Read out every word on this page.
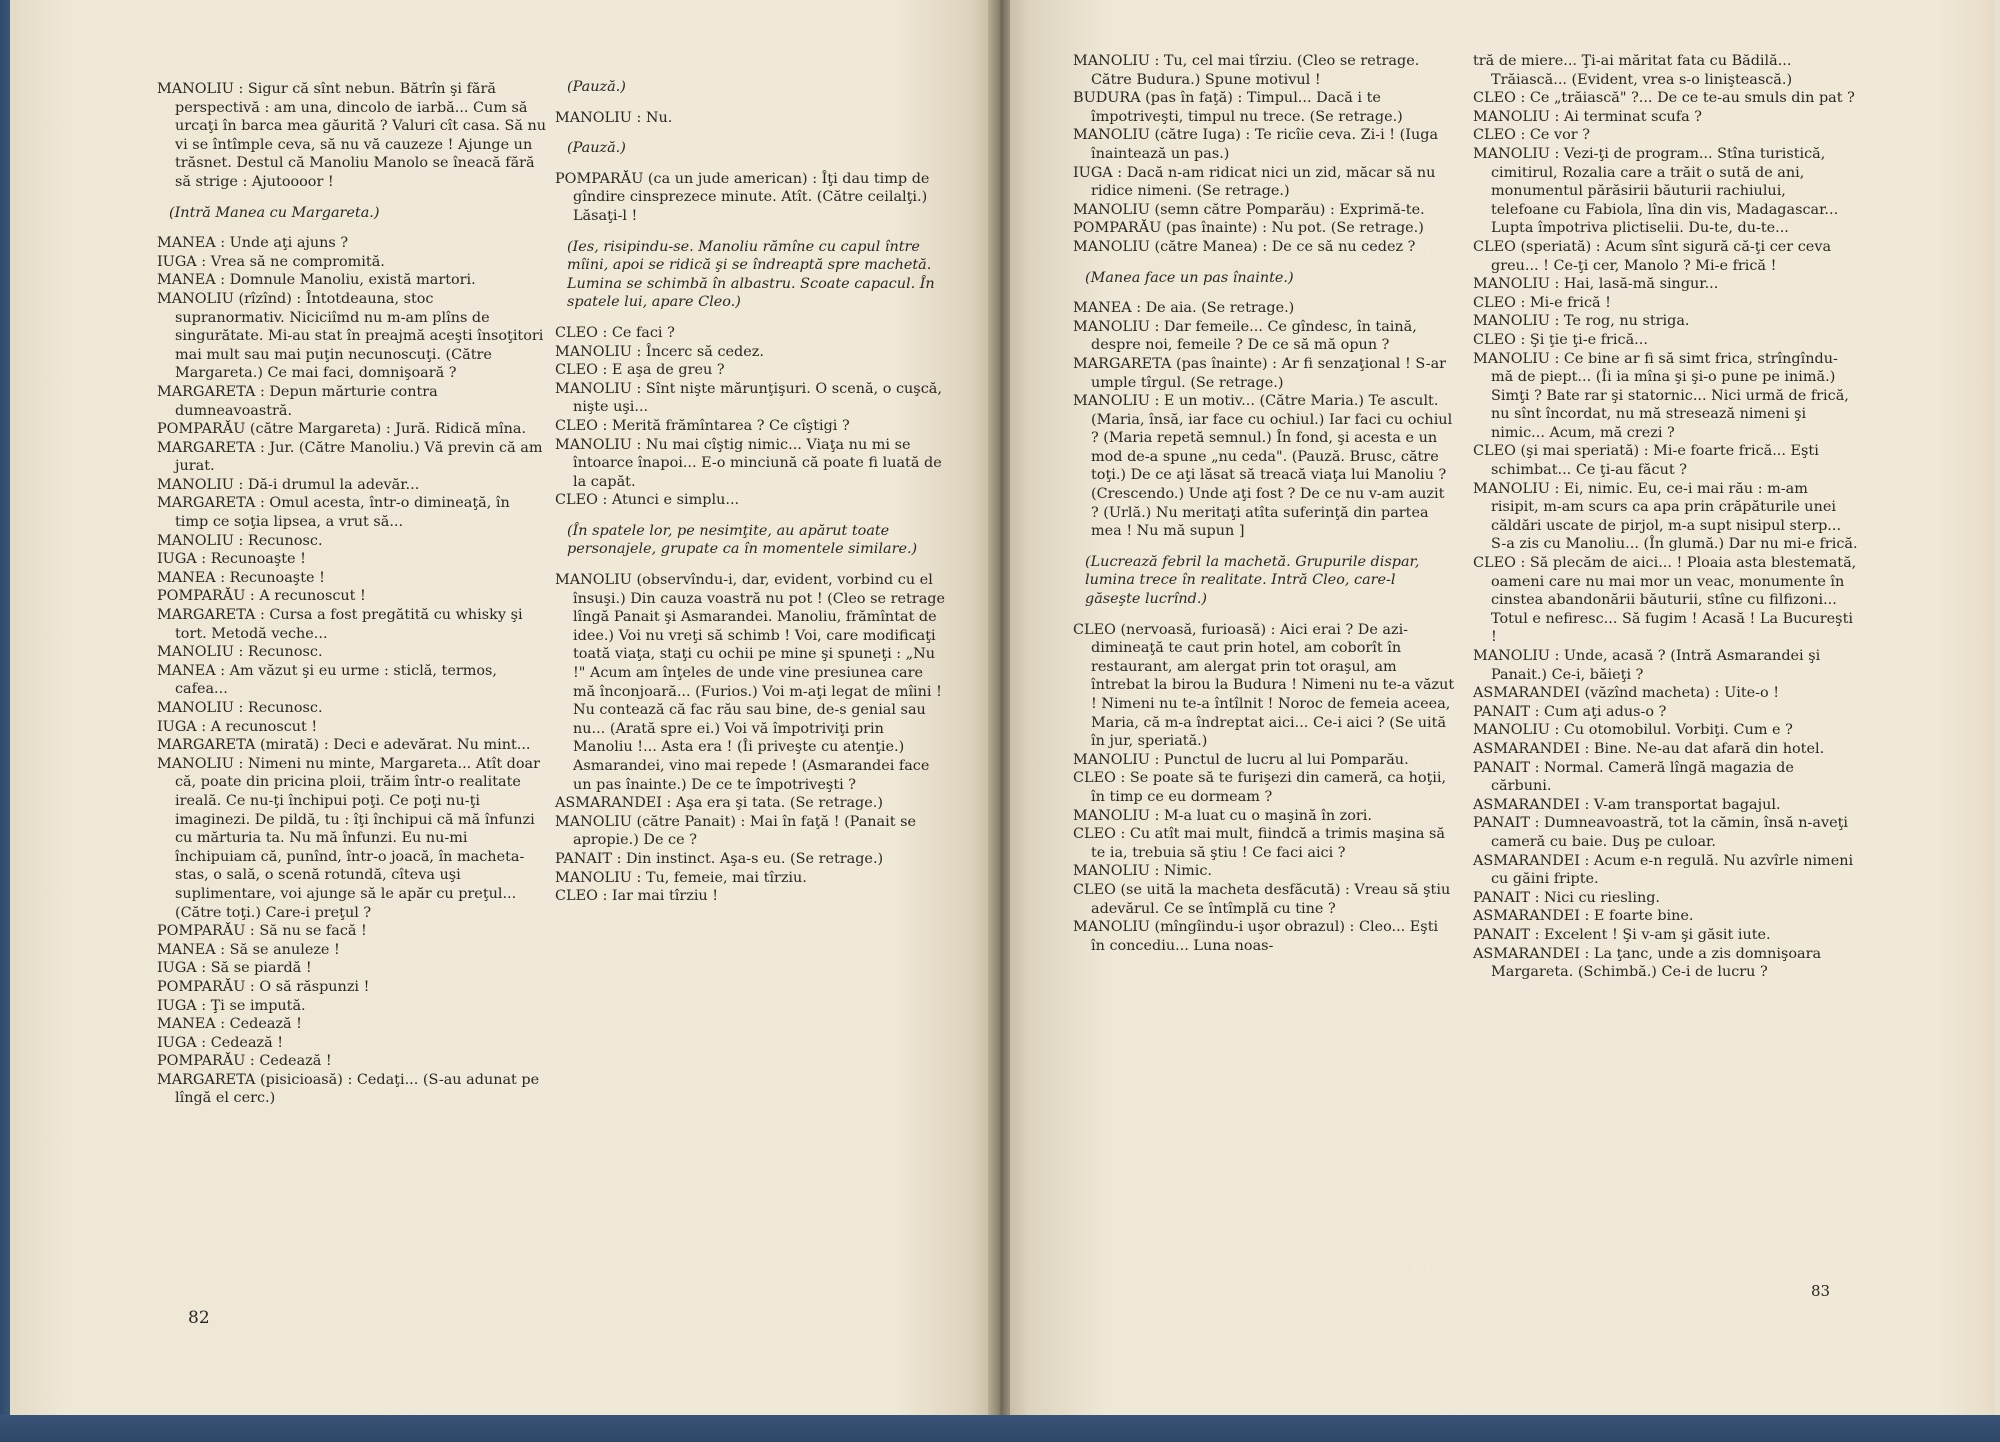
MANOLIU : Sigur că sînt nebun. Bătrîn şi fără perspectivă : am una, dincolo de iarbă... Cum să urcaţi în barca mea găurită ? Valuri cît casa. Să nu vi se întîmple ceva, să nu vă cauzeze ! Ajunge un trăsnet. Destul că Manoliu Manolo se îneacă fără să strige : Ajutoooor !

(Intră Manea cu Margareta.)

MANEA : Unde aţi ajuns ?

IUGA : Vrea să ne compromită.

MANEA : Domnule Manoliu, există martori.

MANOLIU (rîzînd) : Întotdeauna, stoc supranormativ. Niciciîmd nu m-am plîns de singurătate. Mi-au stat în preajmă aceşti însoţitori mai mult sau mai puţin necunoscuţi. (Către Margareta.) Ce mai faci, domnişoară ?

MARGARETA : Depun mărturie contra dumneavoastră.

POMPARĂU (către Margareta) : Jură. Ridică mîna.

MARGARETA : Jur. (Către Manoliu.) Vă previn că am jurat.

MANOLIU : Dă-i drumul la adevăr...

MARGARETA : Omul acesta, într-o dimineaţă, în timp ce soţia lipsea, a vrut să...

MANOLIU : Recunosc.

IUGA : Recunoaşte !

MANEA : Recunoaşte !

POMPARĂU : A recunoscut !

MARGARETA : Cursa a fost pregătită cu whisky şi tort. Metodă veche...

MANOLIU : Recunosc.

MANEA : Am văzut şi eu urme : sticlă, termos, cafea...

MANOLIU : Recunosc.

IUGA : A recunoscut !

MARGARETA (mirată) : Deci e adevărat. Nu mint...

MANOLIU : Nimeni nu minte, Margareta... Atît doar că, poate din pricina ploii, trăim într-o realitate ireală. Ce nu-ţi închipui poţi. Ce poţi nu-ţi imaginezi. De pildă, tu : îţi închipui că mă înfunzi cu mărturia ta. Nu mă înfunzi. Eu nu-mi închipuiam că, punînd, într-o joacă, în macheta-stas, o sală, o scenă rotundă, cîteva uşi suplimentare, voi ajunge să le apăr cu preţul... (Către toţi.) Care-i preţul ?

POMPARĂU : Să nu se facă !

MANEA : Să se anuleze !

IUGA : Să se piardă !

POMPARĂU : O să răspunzi !

IUGA : Ţi se impută.

MANEA : Cedează !

IUGA : Cedează !

POMPARĂU : Cedează !

MARGARETA (pisicioasă) : Cedaţi... (S-au adunat pe lîngă el cerc.)

(Pauză.)

MANOLIU : Nu.

(Pauză.)

POMPARĂU (ca un jude american) : Îţi dau timp de gîndire cinsprezece minute. Atît. (Către ceilalţi.) Lăsaţi-l !

(Ies, risipindu-se. Manoliu rămîne cu capul între mîini, apoi se ridică şi se îndreaptă spre machetă. Lumina se schimbă în albastru. Scoate capacul. În spatele lui, apare Cleo.)

CLEO : Ce faci ?

MANOLIU : Încerc să cedez.

CLEO : E aşa de greu ?

MANOLIU : Sînt nişte mărunţişuri. O scenă, o cuşcă, nişte uşi...

CLEO : Merită frămîntarea ? Ce cîştigi ?

MANOLIU : Nu mai cîştig nimic... Viaţa nu mi se întoarce înapoi... E-o minciună că poate fi luată de la capăt.

CLEO : Atunci e simplu...

(În spatele lor, pe nesimţite, au apărut toate personajele, grupate ca în momentele similare.)

MANOLIU (observîndu-i, dar, evident, vorbind cu el însuşi.) Din cauza voastră nu pot ! (Cleo se retrage lîngă Panait şi Asmarandei. Manoliu, frămîntat de idee.) Voi nu vreţi să schimb ! Voi, care modificaţi toată viaţa, staţi cu ochii pe mine şi spuneţi : „Nu !" Acum am înţeles de unde vine presiunea care mă înconjoară... (Furios.) Voi m-aţi legat de mîini ! Nu contează că fac rău sau bine, de-s genial sau nu... (Arată spre ei.) Voi vă împotriviţi prin Manoliu !... Asta era ! (Îi priveşte cu atenţie.) Asmarandei, vino mai repede ! (Asmarandei face un pas înainte.) De ce te împotriveşti ?

ASMARANDEI : Aşa era şi tata. (Se retrage.)

MANOLIU (către Panait) : Mai în faţă ! (Panait se apropie.) De ce ?

PANAIT : Din instinct. Aşa-s eu. (Se retrage.)

MANOLIU : Tu, femeie, mai tîrziu.

CLEO : Iar mai tîrziu !

82

MANOLIU : Tu, cel mai tîrziu. (Cleo se retrage. Către Budura.) Spune motivul !

BUDURA (pas în faţă) : Timpul... Dacă i te împotriveşti, timpul nu trece. (Se retrage.)

MANOLIU (către Iuga) : Te ricîie ceva. Zi-i ! (Iuga înaintează un pas.)

IUGA : Dacă n-am ridicat nici un zid, măcar să nu ridice nimeni. (Se retrage.)

MANOLIU (semn către Pomparău) : Exprimă-te.

POMPARĂU (pas înainte) : Nu pot. (Se retrage.)

MANOLIU (către Manea) : De ce să nu cedez ?

(Manea face un pas înainte.)

MANEA : De aia. (Se retrage.)

MANOLIU : Dar femeile... Ce gîndesc, în taină, despre noi, femeile ? De ce să mă opun ?

MARGARETA (pas înainte) : Ar fi senzaţional ! S-ar umple tîrgul. (Se retrage.)

MANOLIU : E un motiv... (Către Maria.) Te ascult. (Maria, însă, iar face cu ochiul.) Iar faci cu ochiul ? (Maria repetă semnul.) În fond, şi acesta e un mod de-a spune „nu ceda". (Pauză. Brusc, către toţi.) De ce aţi lăsat să treacă viaţa lui Manoliu ? (Crescendo.) Unde aţi fost ? De ce nu v-am auzit ? (Urlă.) Nu meritaţi atîta suferinţă din partea mea ! Nu mă supun ]

(Lucrează febril la machetă. Grupurile dispar, lumina trece în realitate. Intră Cleo, care-l găseşte lucrînd.)

CLEO (nervoasă, furioasă) : Aici erai ? De azi-dimineaţă te caut prin hotel, am coborît în restaurant, am alergat prin tot oraşul, am întrebat la birou la Budura ! Nimeni nu te-a văzut ! Nimeni nu te-a întîlnit ! Noroc de femeia aceea, Maria, că m-a îndreptat aici... Ce-i aici ? (Se uită în jur, speriată.)

MANOLIU : Punctul de lucru al lui Pomparău.

CLEO : Se poate să te furişezi din cameră, ca hoţii, în timp ce eu dormeam ?

MANOLIU : M-a luat cu o maşină în zori.

CLEO : Cu atît mai mult, fiindcă a trimis maşina să te ia, trebuia să ştiu ! Ce faci aici ?

MANOLIU : Nimic.

CLEO (se uită la macheta desfăcută) : Vreau să ştiu adevărul. Ce se întîmplă cu tine ?

MANOLIU (mîngîindu-i uşor obrazul) : Cleo... Eşti în concediu... Luna noas-

tră de miere... Ţi-ai măritat fata cu Bădilă... Trăiască... (Evident, vrea s-o liniştească.)

CLEO : Ce „trăiască" ?... De ce te-au smuls din pat ?

MANOLIU : Ai terminat scufa ?

CLEO : Ce vor ?

MANOLIU : Vezi-ţi de program... Stîna turistică, cimitirul, Rozalia care a trăit o sută de ani, monumentul părăsirii băuturii rachiului, telefoane cu Fabiola, lîna din vis, Madagascar... Lupta împotriva plictiselii. Du-te, du-te...

CLEO (speriată) : Acum sînt sigură că-ţi cer ceva greu... ! Ce-ţi cer, Manolo ? Mi-e frică !

MANOLIU : Hai, lasă-mă singur...

CLEO : Mi-e frică !

MANOLIU : Te rog, nu striga.

CLEO : Şi ţie ţi-e frică...

MANOLIU : Ce bine ar fi să simt frica, strîngîndu-mă de piept... (Îi ia mîna şi şi-o pune pe inimă.) Simţi ? Bate rar şi statornic... Nici urmă de frică, nu sînt încordat, nu mă stresează nimeni şi nimic... Acum, mă crezi ?

CLEO (şi mai speriată) : Mi-e foarte frică... Eşti schimbat... Ce ţi-au făcut ?

MANOLIU : Ei, nimic. Eu, ce-i mai rău : m-am risipit, m-am scurs ca apa prin crăpăturile unei căldări uscate de pirjol, m-a supt nisipul sterp... S-a zis cu Manoliu... (În glumă.) Dar nu mi-e frică.

CLEO : Să plecăm de aici... ! Ploaia asta blestemată, oameni care nu mai mor un veac, monumente în cinstea abandonării băuturii, stîne cu filfizoni... Totul e nefiresc... Să fugim ! Acasă ! La Bucureşti !

MANOLIU : Unde, acasă ? (Intră Asmarandei şi Panait.) Ce-i, băieţi ?

ASMARANDEI (văzînd macheta) : Uite-o !

PANAIT : Cum aţi adus-o ?

MANOLIU : Cu otomobilul. Vorbiţi. Cum e ?

ASMARANDEI : Bine. Ne-au dat afară din hotel.

PANAIT : Normal. Cameră lîngă magazia de cărbuni.

ASMARANDEI : V-am transportat bagajul.

PANAIT : Dumneavoastră, tot la cămin, însă n-aveţi cameră cu baie. Duş pe culoar.

ASMARANDEI : Acum e-n regulă. Nu azvîrle nimeni cu găini fripte.

PANAIT : Nici cu riesling.

ASMARANDEI : E foarte bine.

PANAIT : Excelent ! Şi v-am şi găsit iute.

ASMARANDEI : La ţanc, unde a zis domnişoara Margareta. (Schimbă.) Ce-i de lucru ?

83
